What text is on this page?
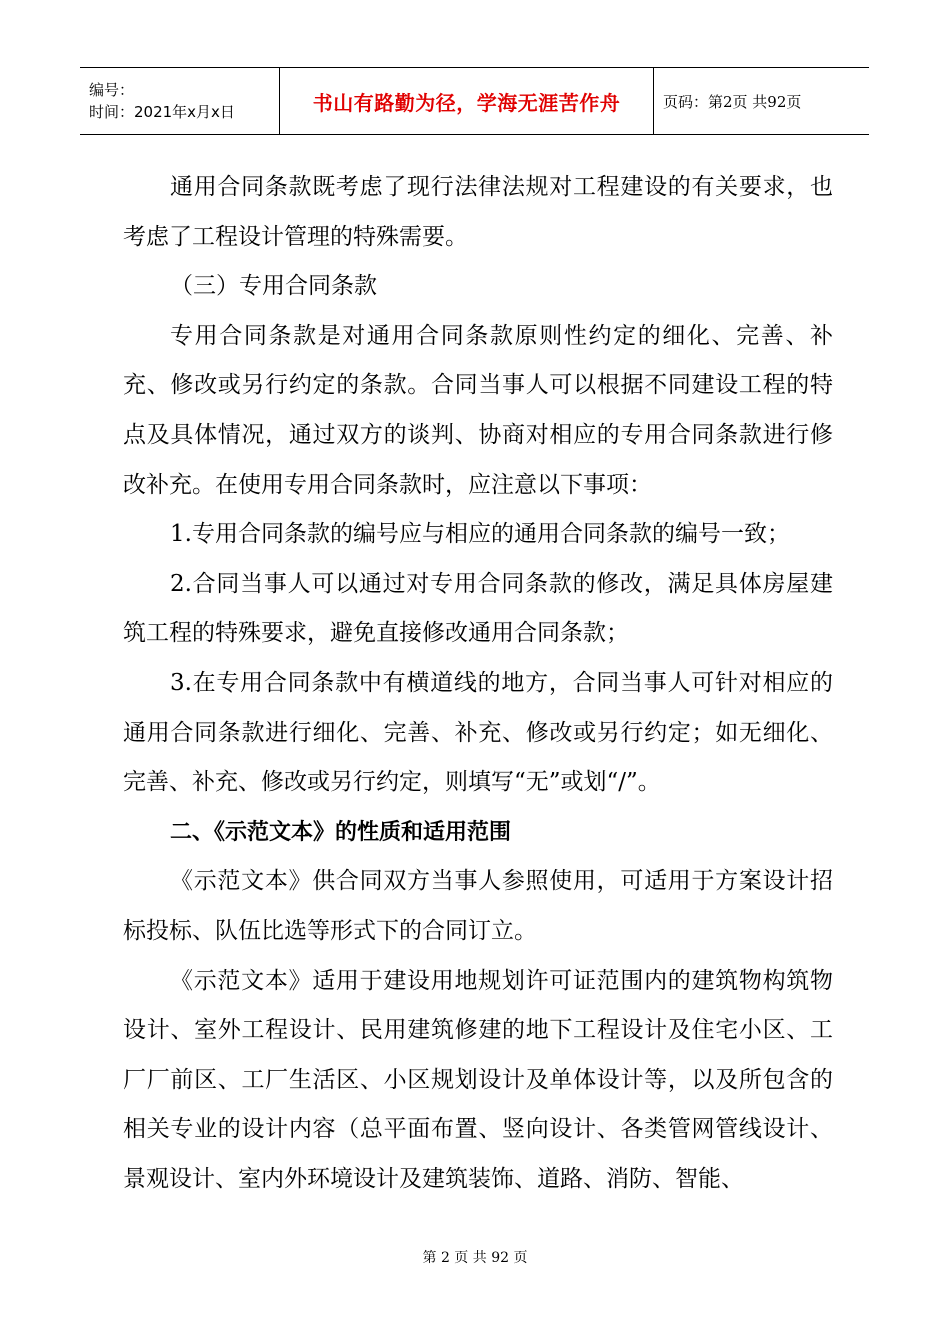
编号：
时间：2021年x月x日	书山有路勤为径，学海无涯苦作舟	页码：第2页 共92页

通用合同条款既考虑了现行法律法规对工程建设的有关要求，也考虑了工程设计管理的特殊需要。

（三）专用合同条款

专用合同条款是对通用合同条款原则性约定的细化、完善、补充、修改或另行约定的条款。合同当事人可以根据不同建设工程的特点及具体情况，通过双方的谈判、协商对相应的专用合同条款进行修改补充。在使用专用合同条款时，应注意以下事项：

1.专用合同条款的编号应与相应的通用合同条款的编号一致；

2.合同当事人可以通过对专用合同条款的修改，满足具体房屋建筑工程的特殊要求，避免直接修改通用合同条款；

3.在专用合同条款中有横道线的地方，合同当事人可针对相应的通用合同条款进行细化、完善、补充、修改或另行约定；如无细化、完善、补充、修改或另行约定，则填写“无”或划“/”。

二、《示范文本》的性质和适用范围

《示范文本》供合同双方当事人参照使用，可适用于方案设计招标投标、队伍比选等形式下的合同订立。

《示范文本》适用于建设用地规划许可证范围内的建筑物构筑物设计、室外工程设计、民用建筑修建的地下工程设计及住宅小区、工厂厂前区、工厂生活区、小区规划设计及单体设计等，以及所包含的相关专业的设计内容（总平面布置、竖向设计、各类管网管线设计、景观设计、室内外环境设计及建筑装饰、道路、消防、智能、

第 2 页 共 92 页
